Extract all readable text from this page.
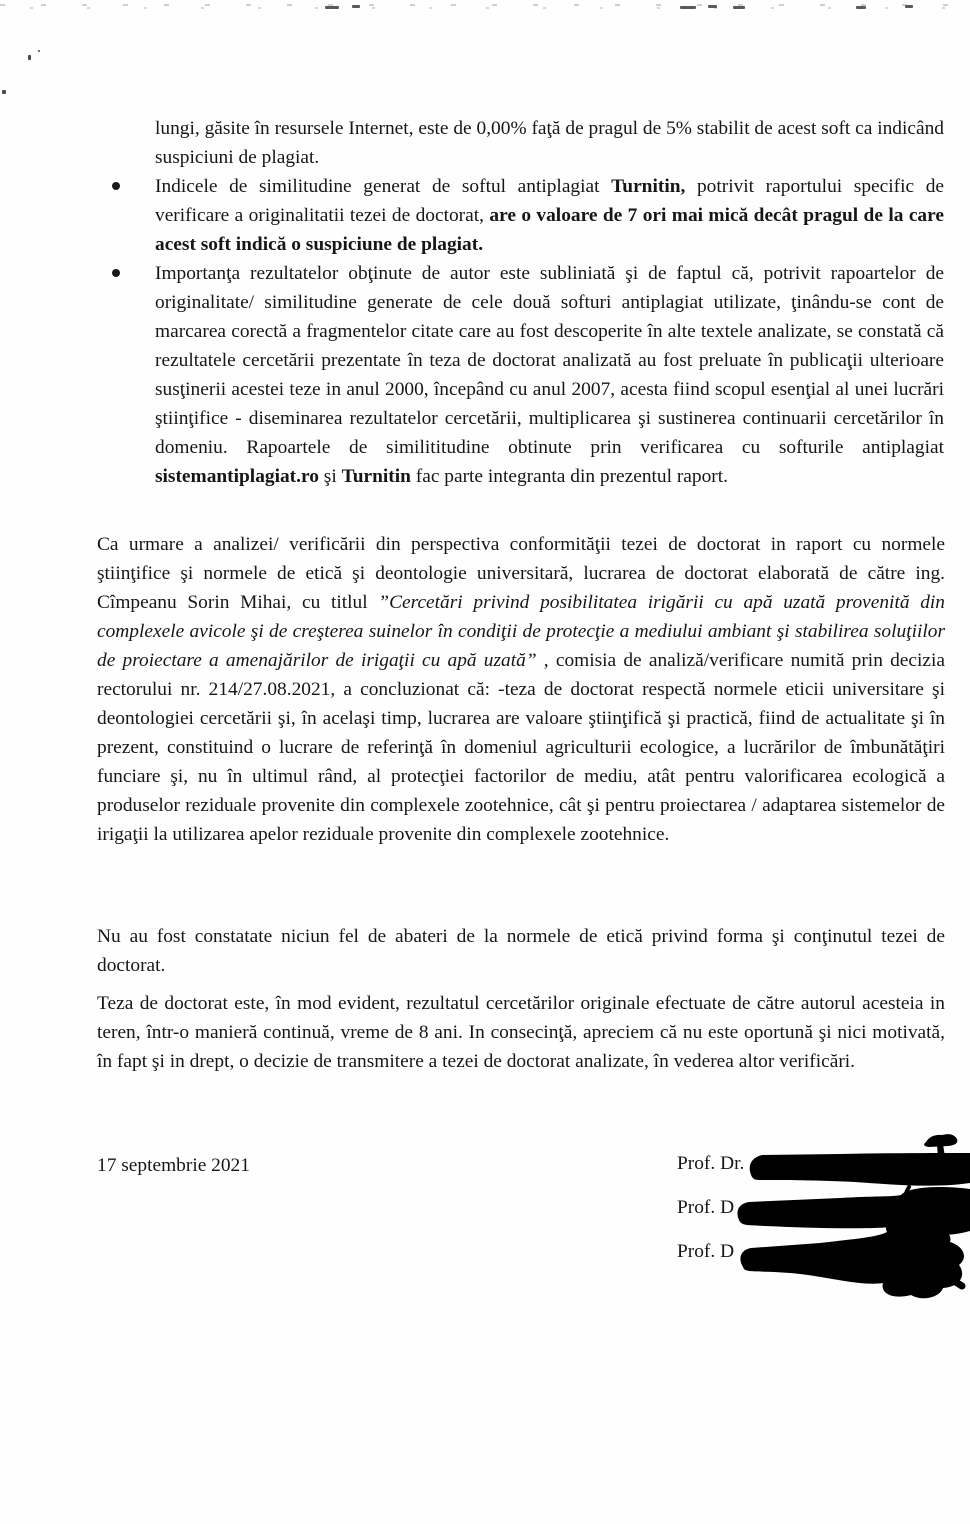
lungi, găsite în resursele Internet, este de 0,00% faţă de pragul de 5% stabilit de acest soft ca indicând suspiciuni de plagiat.

Indicele de similitudine generat de softul antiplagiat Turnitin, potrivit raportului specific de verificare a originalitatii tezei de doctorat, are o valoare de 7 ori mai mică decât pragul de la care acest soft indică o suspiciune de plagiat.

Importanţa rezultatelor obţinute de autor este subliniată şi de faptul că, potrivit rapoartelor de originalitate/ similitudine generate de cele două softuri antiplagiat utilizate, ţinându-se cont de marcarea corectă a fragmentelor citate care au fost descoperite în alte textele analizate, se constată că rezultatele cercetării prezentate în teza de doctorat analizată au fost preluate în publicaţii ulterioare susţinerii acestei teze in anul 2000, începând cu anul 2007, acesta fiind scopul esenţial al unei lucrări ştiinţifice - diseminarea rezultatelor cercetării, multiplicarea şi sustinerea continuarii cercetărilor în domeniu. Rapoartele de similititudine obtinute prin verificarea cu softurile antiplagiat sistemantiplagiat.ro şi Turnitin fac parte integranta din prezentul raport.

Ca urmare a analizei/ verificării din perspectiva conformităţii tezei de doctorat in raport cu normele ştiinţifice şi normele de etică şi deontologie universitară, lucrarea de doctorat elaborată de către ing. Cîmpeanu Sorin Mihai, cu titlul ”Cercetări privind posibilitatea irigării cu apă uzată provenită din complexele avicole şi de creşterea suinelor în condiţii de protecţie a mediului ambiant şi stabilirea soluţiilor de proiectare a amenajărilor de irigaţii cu apă uzată” , comisia de analiză/verificare numită prin decizia rectorului nr. 214/27.08.2021, a concluzionat că: -teza de doctorat respectă normele eticii universitare şi deontologiei cercetării şi, în acelaşi timp, lucrarea are valoare ştiinţifică şi practică, fiind de actualitate şi în prezent, constituind o lucrare de referinţă în domeniul agriculturii ecologice, a lucrărilor de îmbunătăţiri funciare şi, nu în ultimul rând, al protecţiei factorilor de mediu, atât pentru valorificarea ecologică a produselor reziduale provenite din complexele zootehnice, cât şi pentru proiectarea / adaptarea sistemelor de irigaţii la utilizarea apelor reziduale provenite din complexele zootehnice.

Nu au fost constatate niciun fel de abateri de la normele de etică privind forma şi conţinutul tezei de doctorat.

Teza de doctorat este, în mod evident, rezultatul cercetărilor originale efectuate de către autorul acesteia in teren, într-o manieră continuă, vreme de 8 ani. In consecinţă, apreciem că nu este oportună şi nici motivată, în fapt şi in drept, o decizie de transmitere a tezei de doctorat analizate, în vederea altor verificări.

17 septembrie 2021	Prof. Dr.
Prof. D
Prof. D
